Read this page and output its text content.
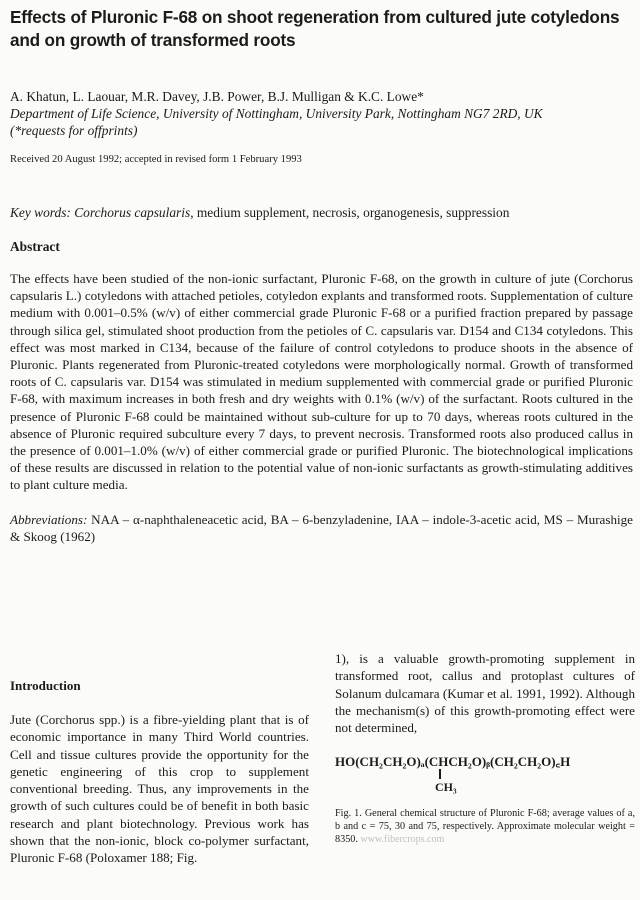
Effects of Pluronic F-68 on shoot regeneration from cultured jute cotyledons and on growth of transformed roots
A. Khatun, L. Laouar, M.R. Davey, J.B. Power, B.J. Mulligan & K.C. Lowe*
Department of Life Science, University of Nottingham, University Park, Nottingham NG7 2RD, UK
(*requests for offprints)
Received 20 August 1992; accepted in revised form 1 February 1993
Key words: Corchorus capsularis, medium supplement, necrosis, organogenesis, suppression
Abstract
The effects have been studied of the non-ionic surfactant, Pluronic F-68, on the growth in culture of jute (Corchorus capsularis L.) cotyledons with attached petioles, cotyledon explants and transformed roots. Supplementation of culture medium with 0.001–0.5% (w/v) of either commercial grade Pluronic F-68 or a purified fraction prepared by passage through silica gel, stimulated shoot production from the petioles of C. capsularis var. D154 and C134 cotyledons. This effect was most marked in C134, because of the failure of control cotyledons to produce shoots in the absence of Pluronic. Plants regenerated from Pluronic-treated cotyledons were morphologically normal. Growth of transformed roots of C. capsularis var. D154 was stimulated in medium supplemented with commercial grade or purified Pluronic F-68, with maximum increases in both fresh and dry weights with 0.1% (w/v) of the surfactant. Roots cultured in the presence of Pluronic F-68 could be maintained without sub-culture for up to 70 days, whereas roots cultured in the absence of Pluronic required subculture every 7 days, to prevent necrosis. Transformed roots also produced callus in the presence of 0.001–1.0% (w/v) of either commercial grade or purified Pluronic. The biotechnological implications of these results are discussed in relation to the potential value of non-ionic surfactants as growth-stimulating additives to plant culture media.
Abbreviations: NAA – α-naphthaleneacetic acid, BA – 6-benzyladenine, IAA – indole-3-acetic acid, MS – Murashige & Skoog (1962)
Introduction
Jute (Corchorus spp.) is a fibre-yielding plant that is of economic importance in many Third World countries. Cell and tissue cultures provide the opportunity for the genetic engineering of this crop to supplement conventional breeding. Thus, any improvements in the growth of such cultures could be of benefit in both basic research and plant biotechnology. Previous work has shown that the non-ionic, block co-polymer surfactant, Pluronic F-68 (Poloxamer 188; Fig.

1), is a valuable growth-promoting supplement in transformed root, callus and protoplast cultures of Solanum dulcamara (Kumar et al. 1991, 1992). Although the mechanism(s) of this growth-promoting effect were not determined,

HO(CH₂CH₂O)ₐ(CHCH₂O)ᵦ(CH₂CH₂O)꜀H
CH₃
Fig. 1. General chemical structure of Pluronic F-68; average values of a, b and c = 75, 30 and 75, respectively. Approximate molecular weight = 8350. www.fibercrops.com
